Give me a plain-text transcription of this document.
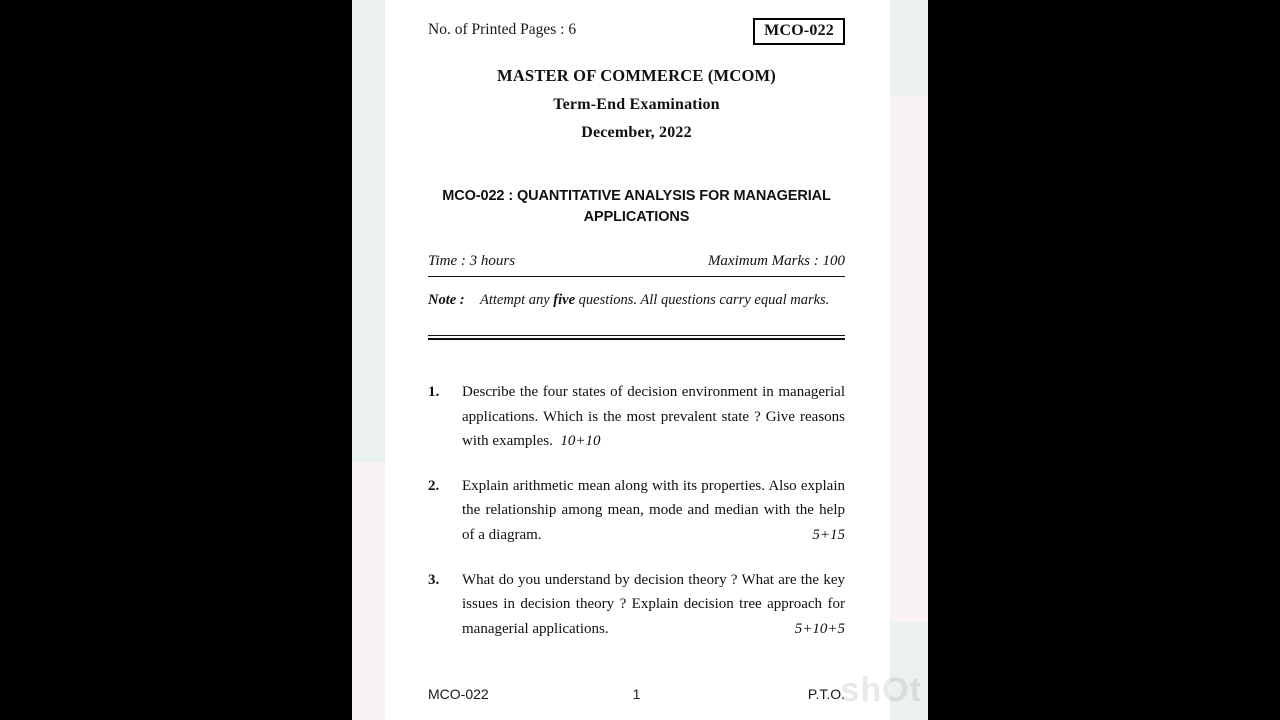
No. of Printed Pages : 6	MCO-022
MASTER OF COMMERCE (MCOM)
Term-End Examination
December, 2022
MCO-022 : QUANTITATIVE ANALYSIS FOR MANAGERIAL APPLICATIONS
Time : 3 hours	Maximum Marks : 100
Note : Attempt any five questions. All questions carry equal marks.
1. Describe the four states of decision environment in managerial applications. Which is the most prevalent state ? Give reasons with examples. 10+10
2. Explain arithmetic mean along with its properties. Also explain the relationship among mean, mode and median with the help of a diagram.	5+15
3. What do you understand by decision theory ? What are the key issues in decision theory ? Explain decision tree approach for managerial applications.	5+10+5
MCO-022	1	P.T.O.
